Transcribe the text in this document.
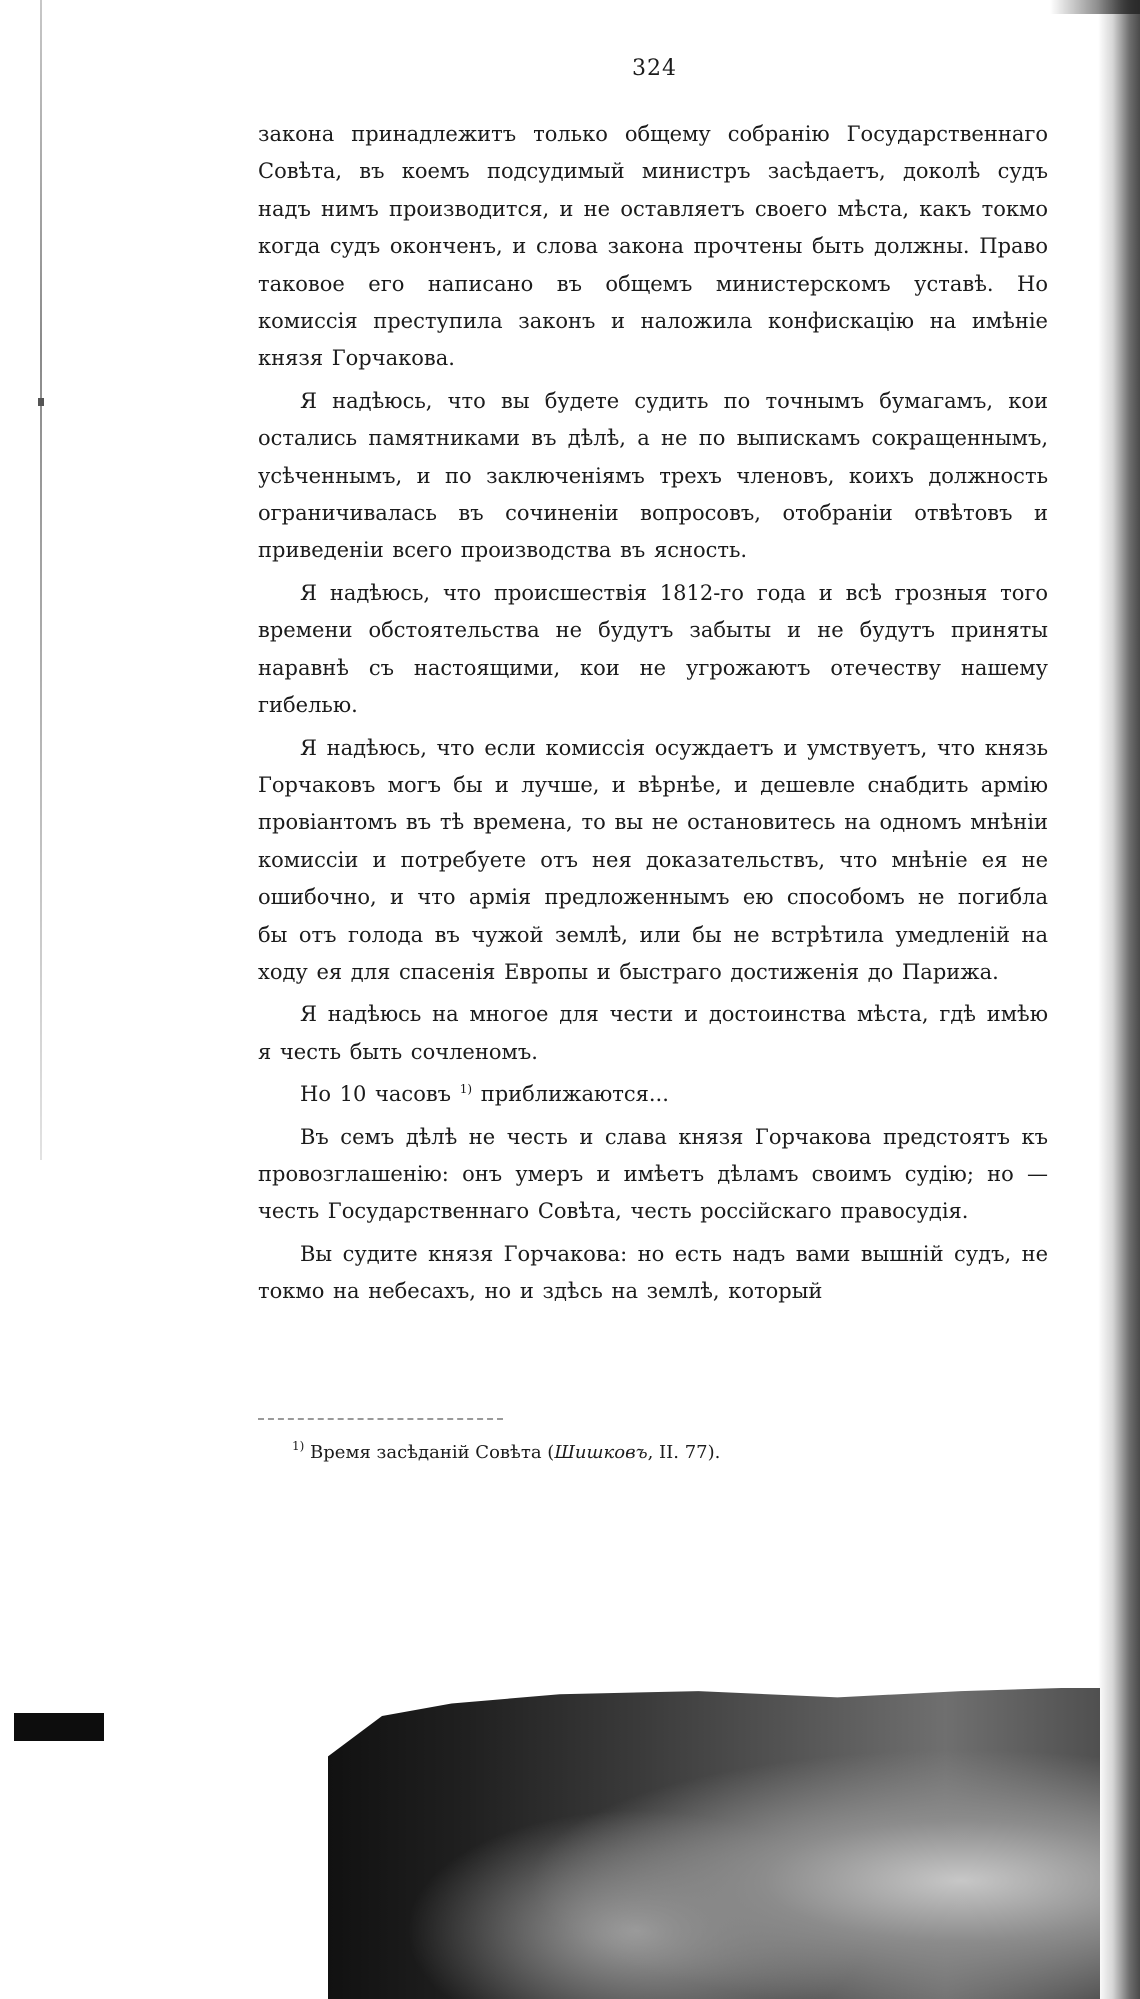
324

закона принадлежитъ только общему собранію Государственнаго Совѣта, въ коемъ подсудимый министръ засѣдаетъ, доколѣ судъ надъ нимъ производится, и не оставляетъ своего мѣста, какъ токмо когда судъ оконченъ, и слова закона прочтены быть должны. Право таковое его написано въ общемъ министерскомъ уставѣ. Но комиссія преступила законъ и наложила конфискацію на имѣніе князя Горчакова.

Я надѣюсь, что вы будете судить по точнымъ бумагамъ, кои остались памятниками въ дѣлѣ, а не по выпискамъ сокращеннымъ, усѣченнымъ, и по заключеніямъ трехъ членовъ, коихъ должность ограничивалась въ сочиненіи вопросовъ, отобраніи отвѣтовъ и приведеніи всего производства въ ясность.

Я надѣюсь, что происшествія 1812-го года и всѣ грозныя того времени обстоятельства не будутъ забыты и не будутъ приняты наравнѣ съ настоящими, кои не угрожаютъ отечеству нашему гибелью.

Я надѣюсь, что если комиссія осуждаетъ и умствуетъ, что князь Горчаковъ могъ бы и лучше, и вѣрнѣе, и дешевле снабдить армію провіантомъ въ тѣ времена, то вы не остановитесь на одномъ мнѣніи комиссіи и потребуете отъ нея доказательствъ, что мнѣніе ея не ошибочно, и что армія предложеннымъ ею способомъ не погибла бы отъ голода въ чужой землѣ, или бы не встрѣтила умедленій на ходу ея для спасенія Европы и быстраго достиженія до Парижа.

Я надѣюсь на многое для чести и достоинства мѣста, гдѣ имѣю я честь быть сочленомъ.

Но 10 часовъ $^{1)}$ приближаются...

Въ семъ дѣлѣ не честь и слава князя Горчакова предстоятъ къ провозглашенію: онъ умеръ и имѣетъ дѣламъ своимъ судію; но — честь Государственнаго Совѣта, честь россійскаго правосудія.

Вы судите князя Горчакова: но есть надъ вами вышній судъ, не токмо на небесахъ, но и здѣсь на землѣ, который

$^{1)}$ Время засѣданій Совѣта (Шишковъ, II. 77).
